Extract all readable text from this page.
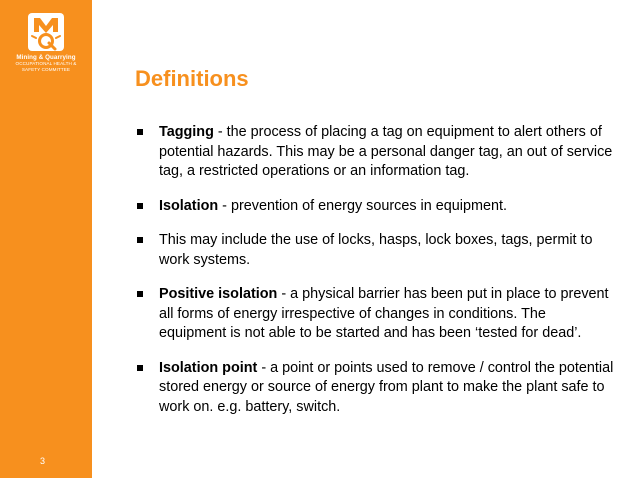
Mining & Quarrying
OCCUPATIONAL HEALTH &
SAFETY COMMITTEE
3
Definitions
Tagging - the process of placing a tag on equipment to alert others of potential hazards. This may be a personal danger tag, an out of service tag, a restricted operations or an information tag.
Isolation - prevention of energy sources in equipment.
This may include the use of locks, hasps, lock boxes, tags, permit to work systems.
Positive isolation - a physical barrier has been put in place to prevent all forms of energy irrespective of changes in conditions. The equipment is not able to be started and has been ‘tested for dead’.
Isolation point - a point or points used to remove / control the potential stored energy or source of energy from plant to make the plant safe to work on. e.g. battery, switch.
